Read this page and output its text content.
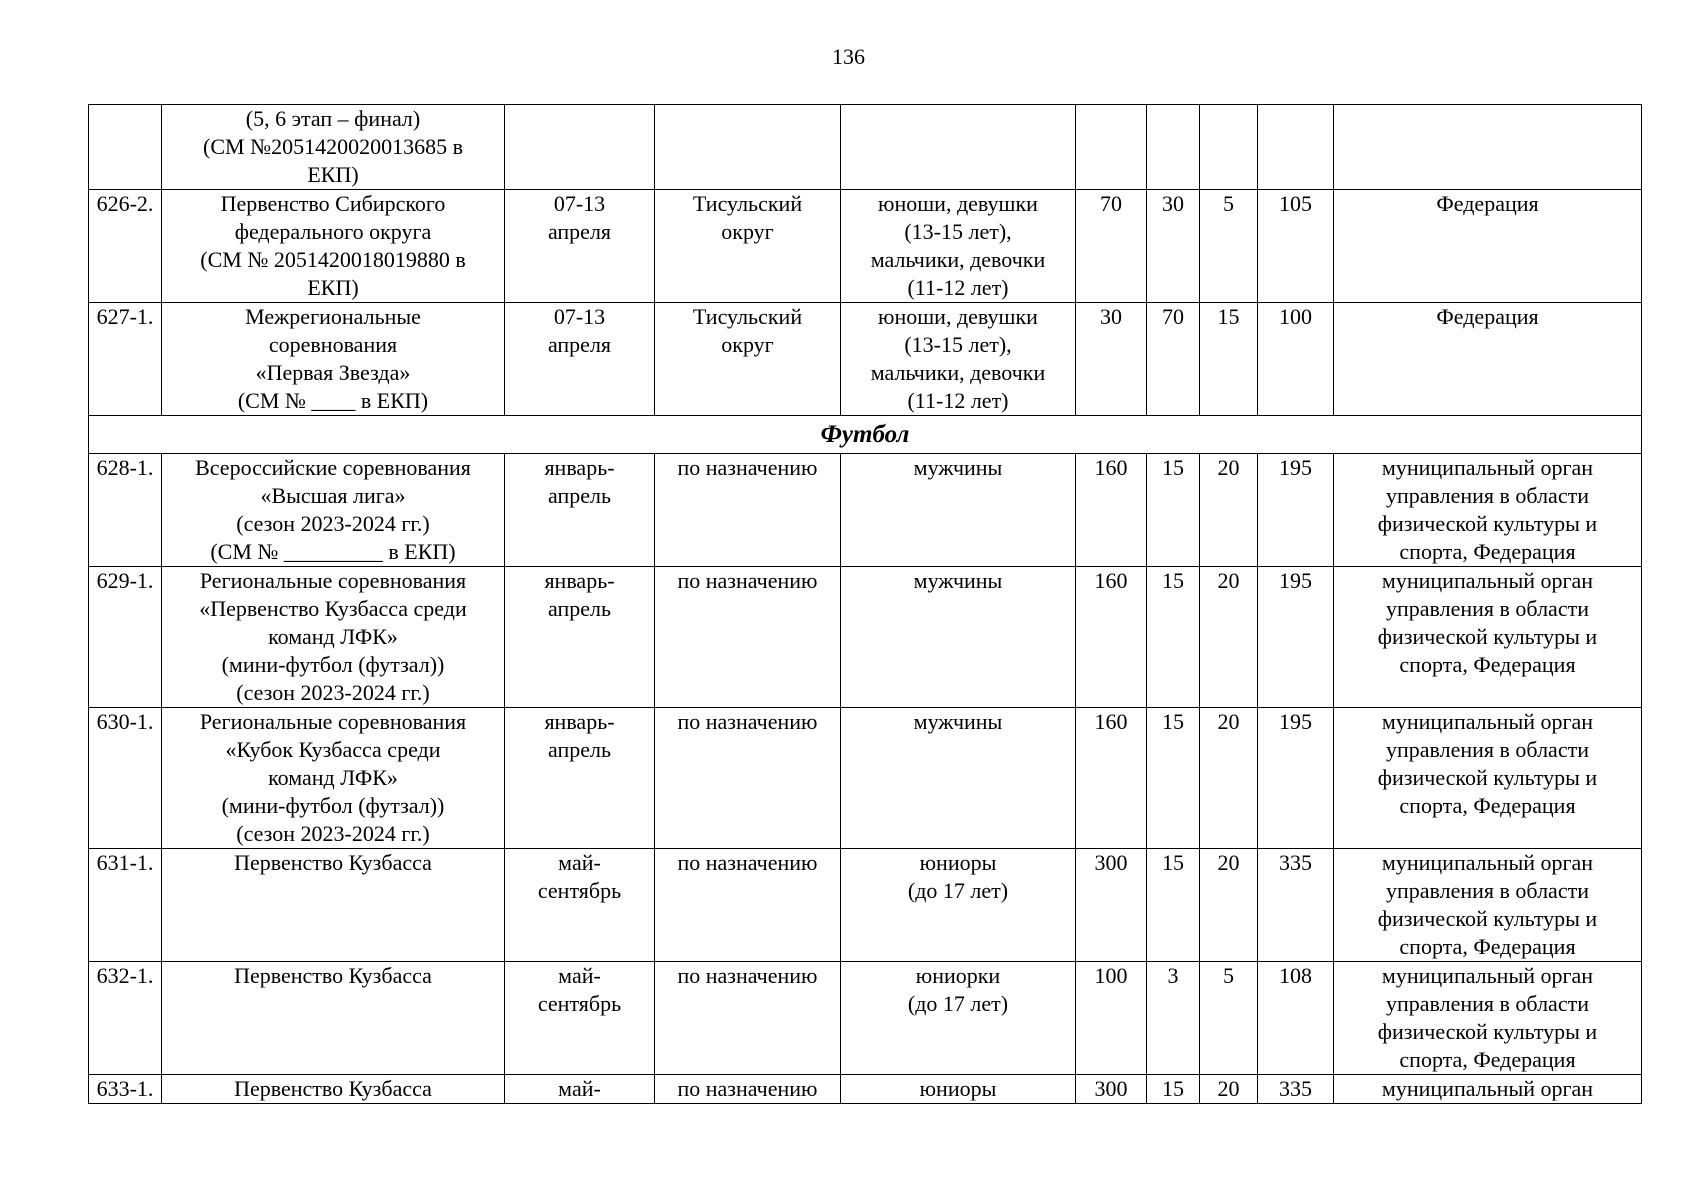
136

	(5, 6 этап – финал)
(СМ №2051420020013685 в
ЕКП)								

626-2.	Первенство Сибирского
федерального округа
(СМ № 2051420018019880 в
ЕКП)	07-13
апреля	Тисульский
округ	юноши, девушки
(13-15 лет),
мальчики, девочки
(11-12 лет)	70	30	5	105	Федерация

627-1.	Межрегиональные
соревнования
«Первая Звезда»
(СМ № ____ в ЕКП)	07-13
апреля	Тисульский
округ	юноши, девушки
(13-15 лет),
мальчики, девочки
(11-12 лет)	30	70	15	100	Федерация

Футбол									
628-1.	Всероссийские соревнования
«Высшая лига»
(сезон 2023-2024 гг.)
(СМ № _________ в ЕКП)	январь-
апрель	по назначению	мужчины	160	15	20	195	муниципальный орган
управления в области
физической культуры и
спорта, Федерация

629-1.	Региональные соревнования
«Первенство Кузбасса среди
команд ЛФК»
(мини-футбол (футзал))
(сезон 2023-2024 гг.)	январь-
апрель	по назначению	мужчины	160	15	20	195	муниципальный орган
управления в области
физической культуры и
спорта, Федерация

630-1.	Региональные соревнования
«Кубок Кузбасса среди
команд ЛФК»
(мини-футбол (футзал))
(сезон 2023-2024 гг.)	январь-
апрель	по назначению	мужчины	160	15	20	195	муниципальный орган
управления в области
физической культуры и
спорта, Федерация

631-1.	Первенство Кузбасса	май-
сентябрь	по назначению	юниоры
(до 17 лет)	300	15	20	335	муниципальный орган
управления в области
физической культуры и
спорта, Федерация

632-1.	Первенство Кузбасса	май-
сентябрь	по назначению	юниорки
(до 17 лет)	100	3	5	108	муниципальный орган
управления в области
физической культуры и
спорта, Федерация

633-1.	Первенство Кузбасса	май-	по назначению	юниоры	300	15	20	335	муниципальный орган
